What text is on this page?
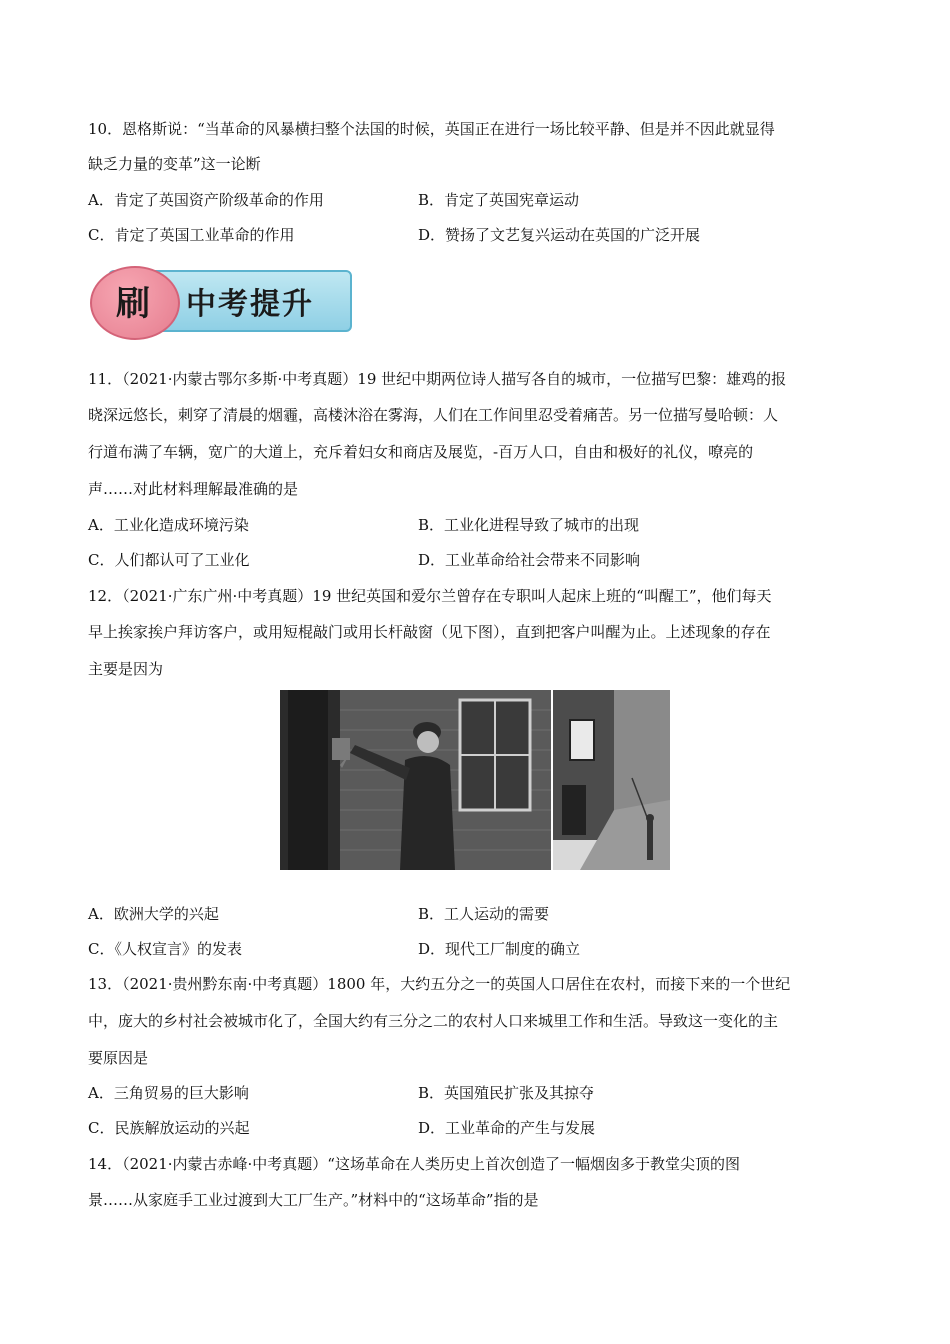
10．恩格斯说：“当革命的风暴横扫整个法国的时候，英国正在进行一场比较平静、但是并不因此就显得
缺乏力量的变革”这一论断
A．肯定了英国资产阶级革命的作用	B．肯定了英国宪章运动
C．肯定了英国工业革命的作用	D．赞扬了文艺复兴运动在英国的广泛开展
刷	中考提升
11．（2021·内蒙古鄂尔多斯·中考真题）19 世纪中期两位诗人描写各自的城市，一位描写巴黎：雄鸡的报
晓深远悠长，刺穿了清晨的烟霾，高楼沐浴在雾海，人们在工作间里忍受着痛苦。另一位描写曼哈顿：人
行道布满了车辆，宽广的大道上，充斥着妇女和商店及展览，-百万人口，自由和极好的礼仪，嘹亮的
声……对此材料理解最准确的是
A．工业化造成环境污染	B．工业化进程导致了城市的出现
C．人们都认可了工业化	D．工业革命给社会带来不同影响
12．（2021·广东广州·中考真题）19 世纪英国和爱尔兰曾存在专职叫人起床上班的“叫醒工”，他们每天
早上挨家挨户拜访客户，或用短棍敲门或用长杆敲窗（见下图），直到把客户叫醒为止。上述现象的存在
主要是因为
A．欧洲大学的兴起	B．工人运动的需要
C．《人权宣言》的发表	D．现代工厂制度的确立
13．（2021·贵州黔东南·中考真题）1800 年，大约五分之一的英国人口居住在农村，而接下来的一个世纪
中，庞大的乡村社会被城市化了，全国大约有三分之二的农村人口来城里工作和生活。导致这一变化的主
要原因是
A．三角贸易的巨大影响	B．英国殖民扩张及其掠夺
C．民族解放运动的兴起	D．工业革命的产生与发展
14．（2021·内蒙古赤峰·中考真题）“这场革命在人类历史上首次创造了一幅烟囱多于教堂尖顶的图
景……从家庭手工业过渡到大工厂生产。”材料中的“这场革命”指的是
